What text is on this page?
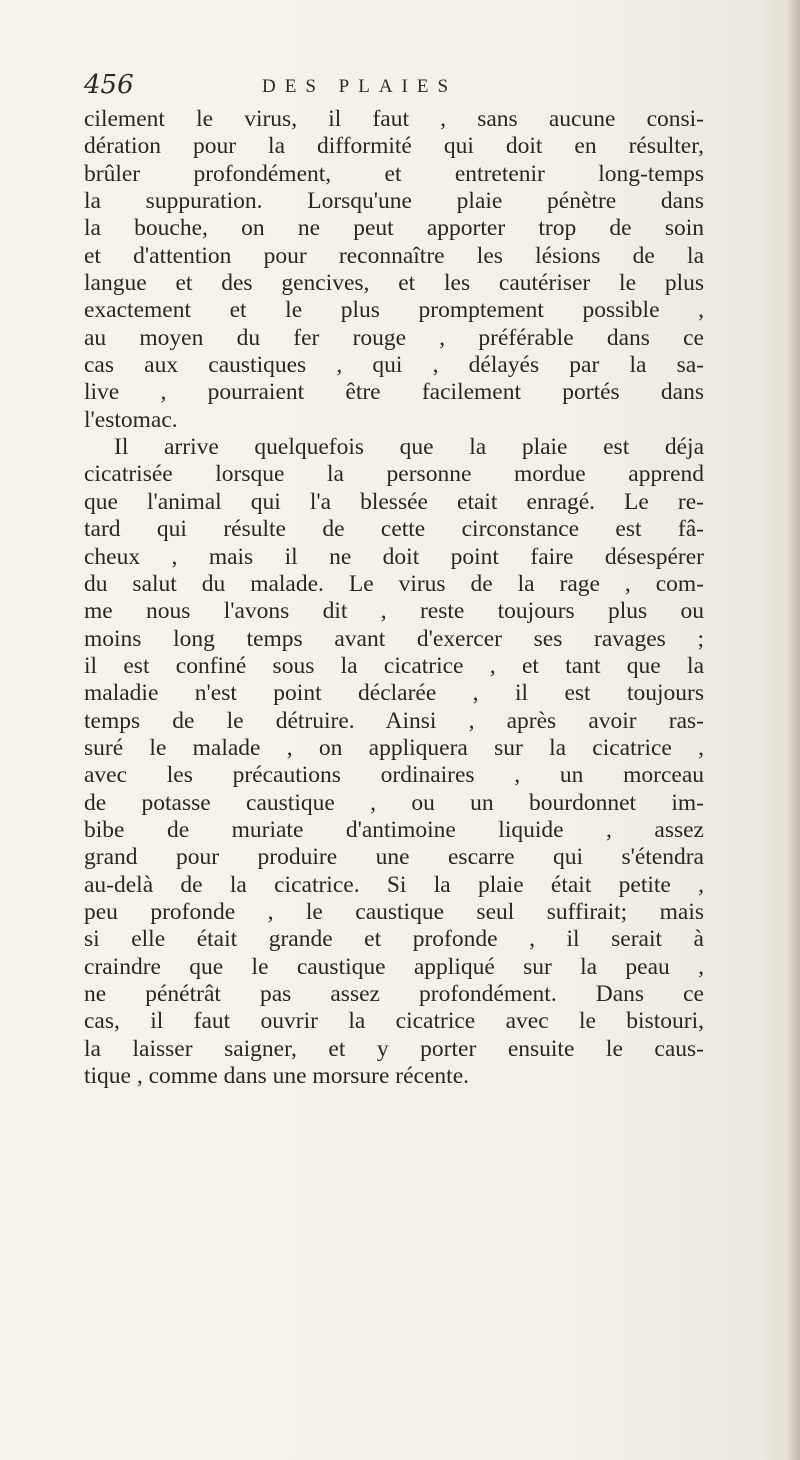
456	DES PLAIES
cilement le virus, il faut , sans aucune consi-
dération pour la difformité qui doit en résulter,
brûler profondément, et entretenir long-temps
la suppuration. Lorsqu'une plaie pénètre dans
la bouche, on ne peut apporter trop de soin
et d'attention pour reconnaître les lésions de la
langue et des gencives, et les cautériser le plus
exactement et le plus promptement possible ,
au moyen du fer rouge , préférable dans ce
cas aux caustiques , qui , délayés par la sa-
live , pourraient être facilement portés dans
l'estomac.
Il arrive quelquefois que la plaie est déja
cicatrisée lorsque la personne mordue apprend
que l'animal qui l'a blessée etait enragé. Le re-
tard qui résulte de cette circonstance est fâ-
cheux , mais il ne doit point faire désespérer
du salut du malade. Le virus de la rage , com-
me nous l'avons dit , reste toujours plus ou
moins long temps avant d'exercer ses ravages ;
il est confiné sous la cicatrice , et tant que la
maladie n'est point déclarée , il est toujours
temps de le détruire. Ainsi , après avoir ras-
suré le malade , on appliquera sur la cicatrice ,
avec les précautions ordinaires , un morceau
de potasse caustique , ou un bourdonnet im-
bibe de muriate d'antimoine liquide , assez
grand pour produire une escarre qui s'étendra
au-delà de la cicatrice. Si la plaie était petite ,
peu profonde , le caustique seul suffirait; mais
si elle était grande et profonde , il serait à
craindre que le caustique appliqué sur la peau ,
ne pénétrât pas assez profondément. Dans ce
cas, il faut ouvrir la cicatrice avec le bistouri,
la laisser saigner, et y porter ensuite le caus-
tique , comme dans une morsure récente.
